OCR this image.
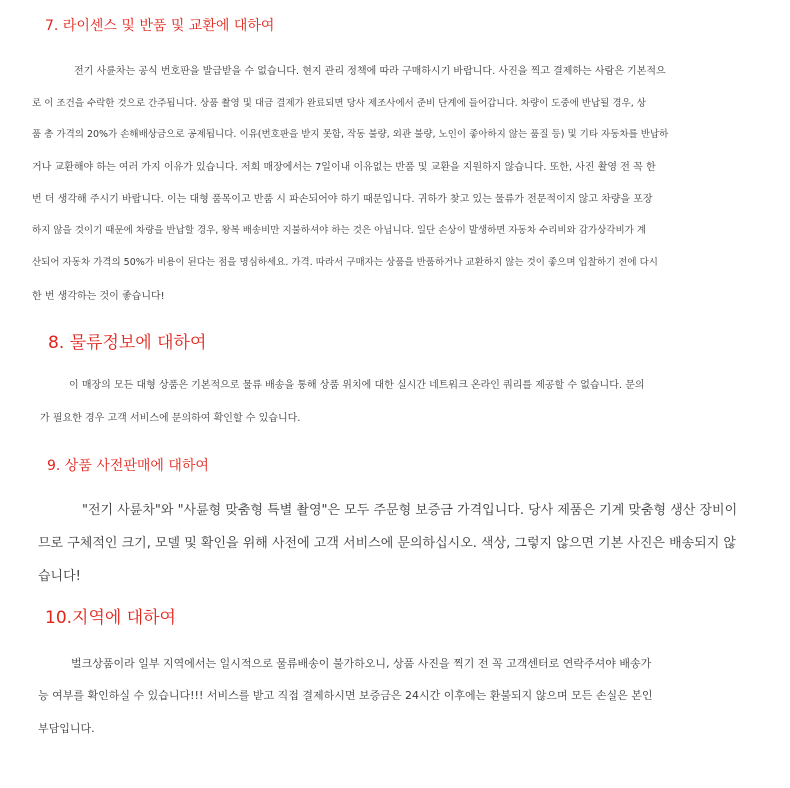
7. 라이센스 및 반품 및 교환에 대하여
전기 사륜차는 공식 번호판을 발급받을 수 없습니다. 현지 관리 정책에 따라 구매하시기 바랍니다. 사진을 찍고 결제하는 사람은 기본적으
로 이 조건을 수락한 것으로 간주됩니다. 상품 촬영 및 대금 결제가 완료되면 당사 제조사에서 준비 단계에 들어갑니다. 차량이 도중에 반납될 경우, 상
품 총 가격의 20%가 손해배상금으로 공제됩니다. 이유(번호판을 받지 못함, 작동 불량, 외관 불량, 노인이 좋아하지 않는 품질 등) 및 기타 자동차를 반납하
거나 교환해야 하는 여러 가지 이유가 있습니다. 저희 매장에서는 7일이내 이유없는 반품 및 교환을 지원하지 않습니다. 또한, 사진 촬영 전 꼭 한
번 더 생각해 주시기 바랍니다. 이는 대형 품목이고 반품 시 파손되어야 하기 때문입니다. 귀하가 찾고 있는 물류가 전문적이지 않고 차량을 포장
하지 않을 것이기 때문에 차량을 반납할 경우, 왕복 배송비만 지불하셔야 하는 것은 아닙니다. 일단 손상이 발생하면 자동차 수리비와 감가상각비가 계
산되어 자동차 가격의 50%가 비용이 된다는 점을 명심하세요. 가격. 따라서 구매자는 상품을 반품하거나 교환하지 않는 것이 좋으며 입찰하기 전에 다시
한 번 생각하는 것이 좋습니다!
8. 물류정보에 대하여
이 매장의 모든 대형 상품은 기본적으로 물류 배송을 통해 상품 위치에 대한 실시간 네트워크 온라인 쿼리를 제공할 수 없습니다. 문의
가 필요한 경우 고객 서비스에 문의하여 확인할 수 있습니다.
9. 상품 사전판매에 대하여
"전기 사륜차"와 "사륜형 맞춤형 특별 촬영"은 모두 주문형 보증금 가격입니다. 당사 제품은 기계 맞춤형 생산 장비이
므로 구체적인 크기, 모델 및 확인을 위해 사전에 고객 서비스에 문의하십시오. 색상, 그렇지 않으면 기본 사진은 배송되지 않
습니다!
10.지역에 대하여
벌크상품이라 일부 지역에서는 일시적으로 물류배송이 불가하오니, 상품 사진을 찍기 전 꼭 고객센터로 연락주셔야 배송가
능 여부를 확인하실 수 있습니다!!! 서비스를 받고 직접 결제하시면 보증금은 24시간 이후에는 환불되지 않으며 모든 손실은 본인
부담입니다.
